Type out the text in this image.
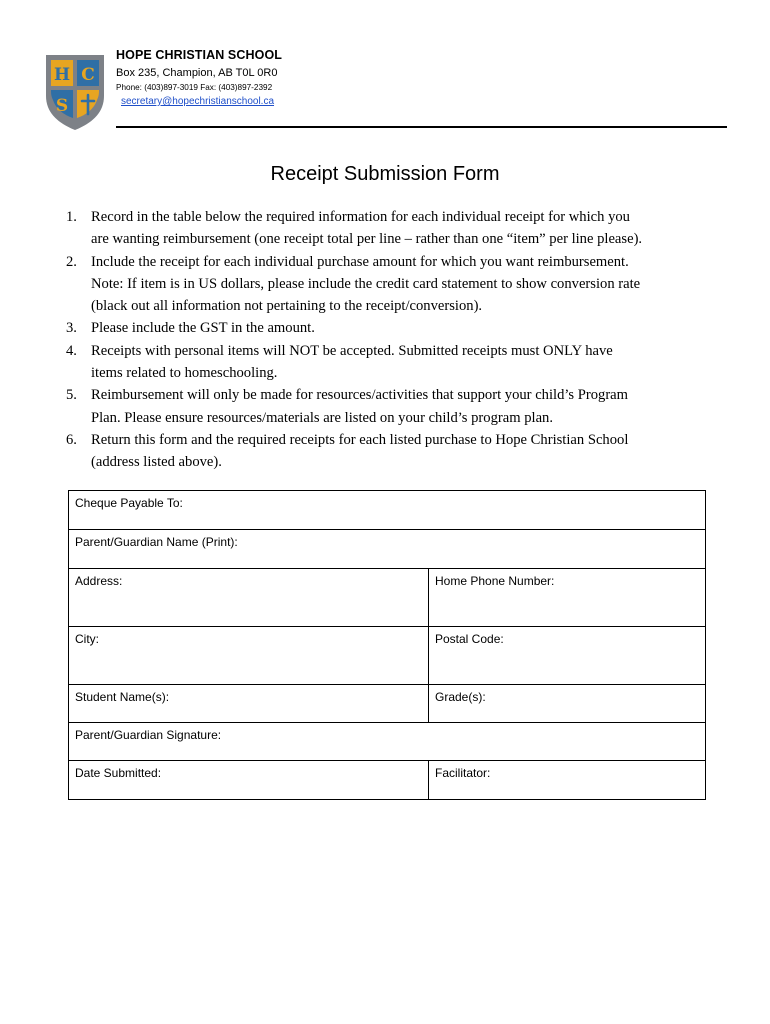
H C
S
HOPE CHRISTIAN SCHOOL
Box 235, Champion, AB T0L 0R0
Phone: (403)897-3019 Fax: (403)897-2392
secretary@hopechristianschool.ca
Receipt Submission Form
1. Record in the table below the required information for each individual receipt for which you
are wanting reimbursement (one receipt total per line – rather than one “item” per line please).
2. Include the receipt for each individual purchase amount for which you want reimbursement.
Note: If item is in US dollars, please include the credit card statement to show conversion rate
(black out all information not pertaining to the receipt/conversion).
3. Please include the GST in the amount.
4. Receipts with personal items will NOT be accepted. Submitted receipts must ONLY have
items related to homeschooling.
5. Reimbursement will only be made for resources/activities that support your child’s Program
Plan. Please ensure resources/materials are listed on your child’s program plan.
6. Return this form and the required receipts for each listed purchase to Hope Christian School
(address listed above).
Cheque Payable To:
Parent/Guardian Name (Print):
Address:	Home Phone Number:
City:	Postal Code:
Student Name(s):	Grade(s):
Parent/Guardian Signature:
Date Submitted:	Facilitator:
